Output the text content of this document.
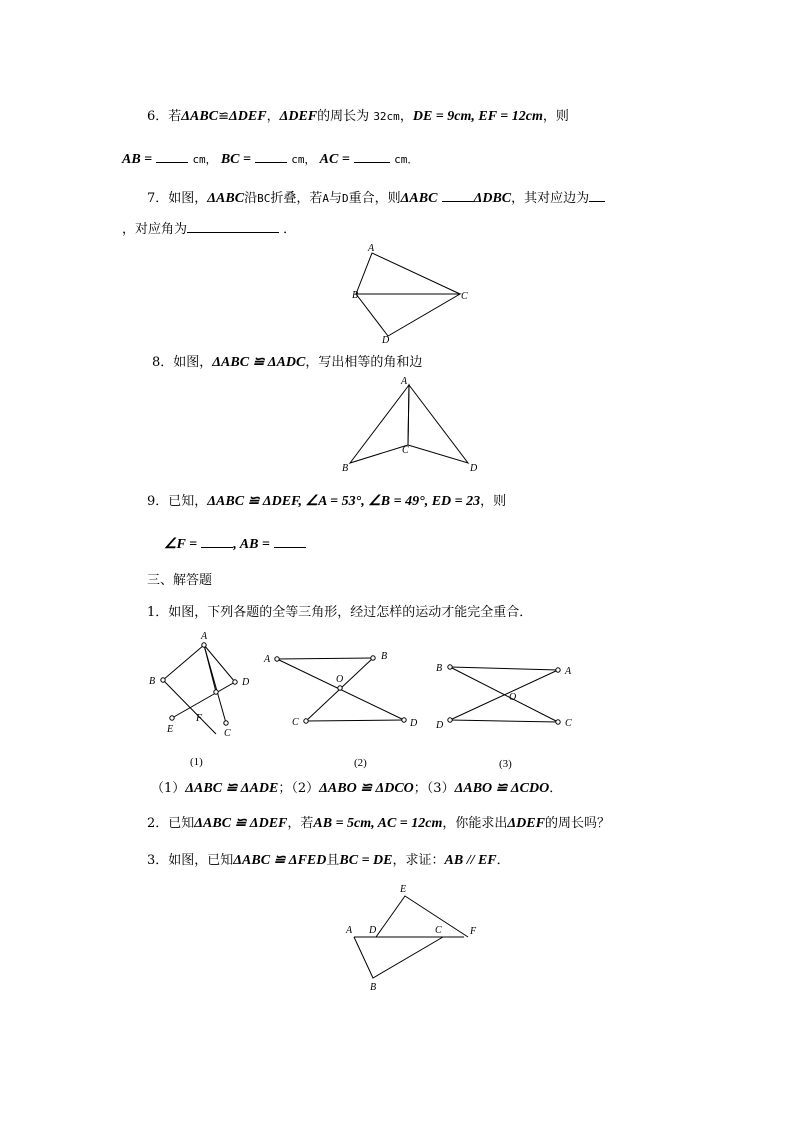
6．若ΔABC≌ΔDEF，ΔDEF的周长为 32cm，DE = 9cm, EF = 12cm，则
AB =	cm， BC =	cm， AC =	cm．
7．如图，ΔABC沿BC折叠，若A与D重合，则ΔABC	ΔDBC，其对应边为
，对应角为	．
A
B	C
D
8．如图，ΔABC ≌ ΔADC，写出相等的角和边
A
B
C
D
9．已知，ΔABC ≌ ΔDEF, ∠A = 53°, ∠B = 49°, ED = 23，则
∠F =	, AB =
三、解答题
1．如图，下列各题的全等三角形，经过怎样的运动才能完全重合．
A
B	D
E
F
C
(1)
A	B
O
C	D
(2)
B	A
O
D	C
(3)
（1）ΔABC ≌ ΔADE；（2）ΔABO ≌ ΔDCO；（3）ΔABO ≌ ΔCDO．
2．已知ΔABC ≌ ΔDEF，若AB = 5cm, AC = 12cm，你能求出ΔDEF的周长吗？
3．如图，已知ΔABC ≌ ΔFED且BC = DE，求证：AB // EF．
E
A D	C	F
B
